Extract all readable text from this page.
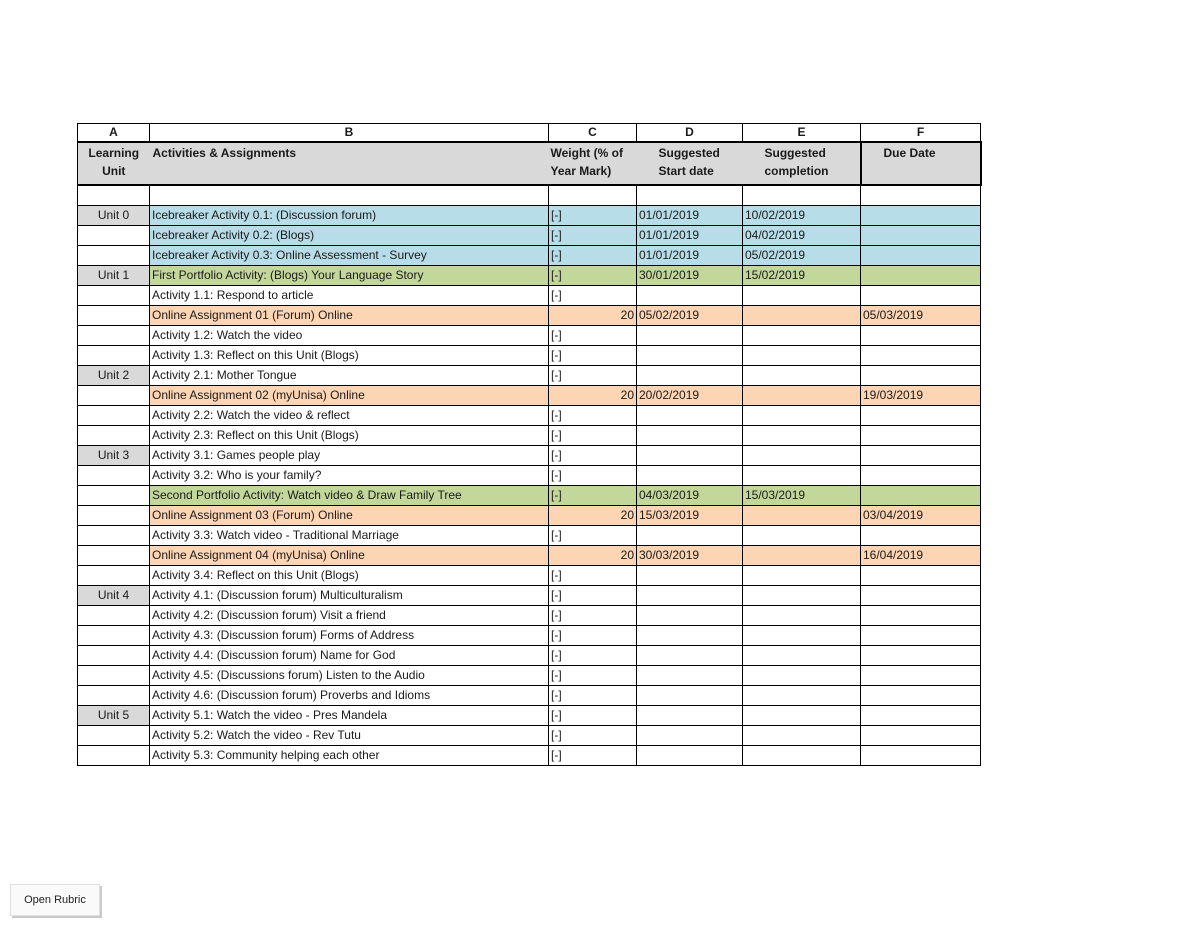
A	B	C	D	E	F
Learning Unit	Activities & Assignments	Weight (% of Year Mark)	Suggested Start date	Suggested completion	Due Date

Unit 0	Icebreaker Activity 0.1: (Discussion forum)	[-]	01/01/2019	10/02/2019	
	Icebreaker Activity 0.2: (Blogs)	[-]	01/01/2019	04/02/2019	
	Icebreaker Activity 0.3: Online Assessment - Survey	[-]	01/01/2019	05/02/2019	
Unit 1	First Portfolio Activity: (Blogs) Your Language Story	[-]	30/01/2019	15/02/2019	
	Activity 1.1: Respond to article	[-]			
	Online Assignment 01 (Forum) Online	20	05/02/2019		05/03/2019
	Activity 1.2: Watch the video	[-]			
	Activity 1.3: Reflect on this Unit (Blogs)	[-]			
Unit 2	Activity 2.1: Mother Tongue	[-]			
	Online Assignment 02 (myUnisa) Online	20	20/02/2019		19/03/2019
	Activity 2.2: Watch the video & reflect	[-]			
	Activity 2.3: Reflect on this Unit (Blogs)	[-]			
Unit 3	Activity 3.1: Games people play	[-]			
	Activity 3.2: Who is your family?	[-]			
	Second Portfolio Activity: Watch video & Draw Family Tree	[-]	04/03/2019	15/03/2019	
	Online Assignment 03 (Forum) Online	20	15/03/2019		03/04/2019
	Activity 3.3: Watch video - Traditional Marriage	[-]			
	Online Assignment 04 (myUnisa) Online	20	30/03/2019		16/04/2019
	Activity 3.4: Reflect on this Unit (Blogs)	[-]			
Unit 4	Activity 4.1: (Discussion forum) Multiculturalism	[-]			
	Activity 4.2: (Discussion forum) Visit a friend	[-]			
	Activity 4.3: (Discussion forum) Forms of Address	[-]			
	Activity 4.4: (Discussion forum) Name for God	[-]			
	Activity 4.5: (Discussions forum) Listen to the Audio	[-]			
	Activity 4.6: (Discussion forum) Proverbs and Idioms	[-]			
Unit 5	Activity 5.1: Watch the video - Pres Mandela	[-]			
	Activity 5.2: Watch the video - Rev Tutu	[-]			
	Activity 5.3: Community helping each other	[-]			
Open Rubric
